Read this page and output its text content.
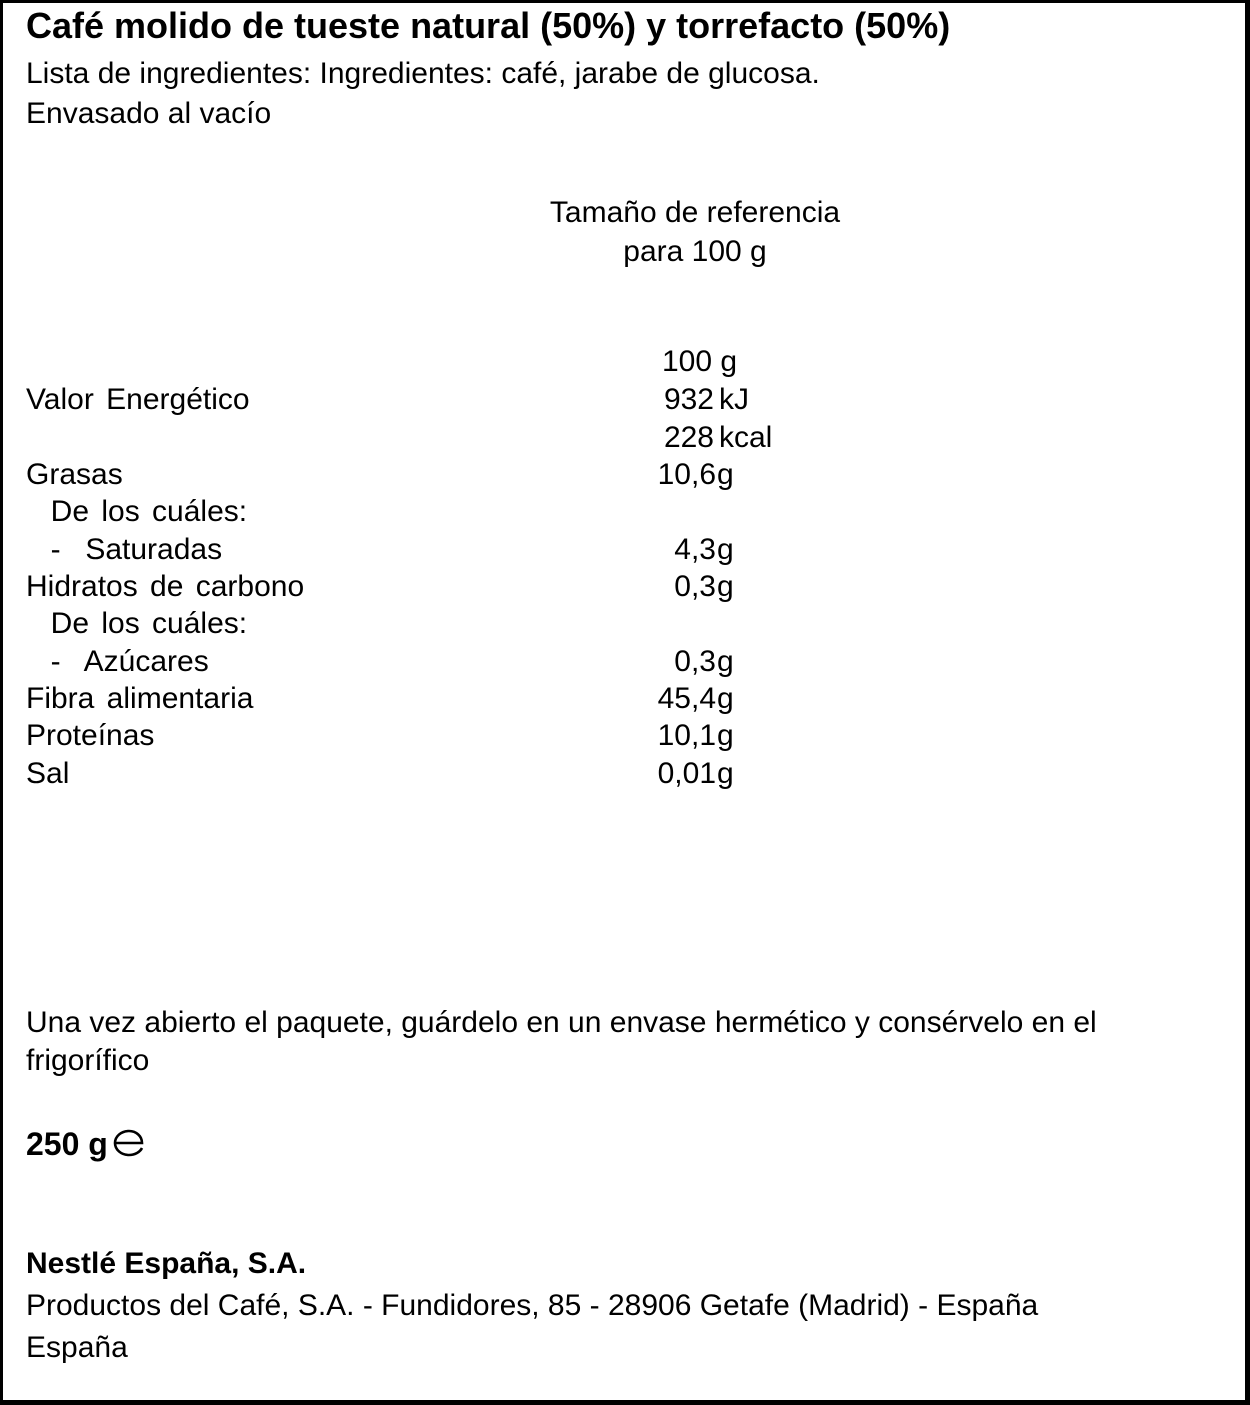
Café molido de tueste natural (50%) y torrefacto (50%)
Lista de ingredientes: Ingredientes: café, jarabe de glucosa.
Envasado al vacío
Tamaño de referencia
para 100 g
100 g
Valor Energético	932 kJ
228 kcal
Grasas	10,6 g
De los cuáles:
-  Saturadas	4,3 g
Hidratos de carbono	0,3 g
De los cuáles:
-  Azúcares	0,3 g
Fibra alimentaria	45,4 g
Proteínas	10,1 g
Sal	0,01 g
Una vez abierto el paquete, guárdelo en un envase hermético y consérvelo en el
frigorífico
250 g
Nestlé España, S.A.
Productos del Café, S.A. - Fundidores, 85 - 28906 Getafe (Madrid) - España
España
